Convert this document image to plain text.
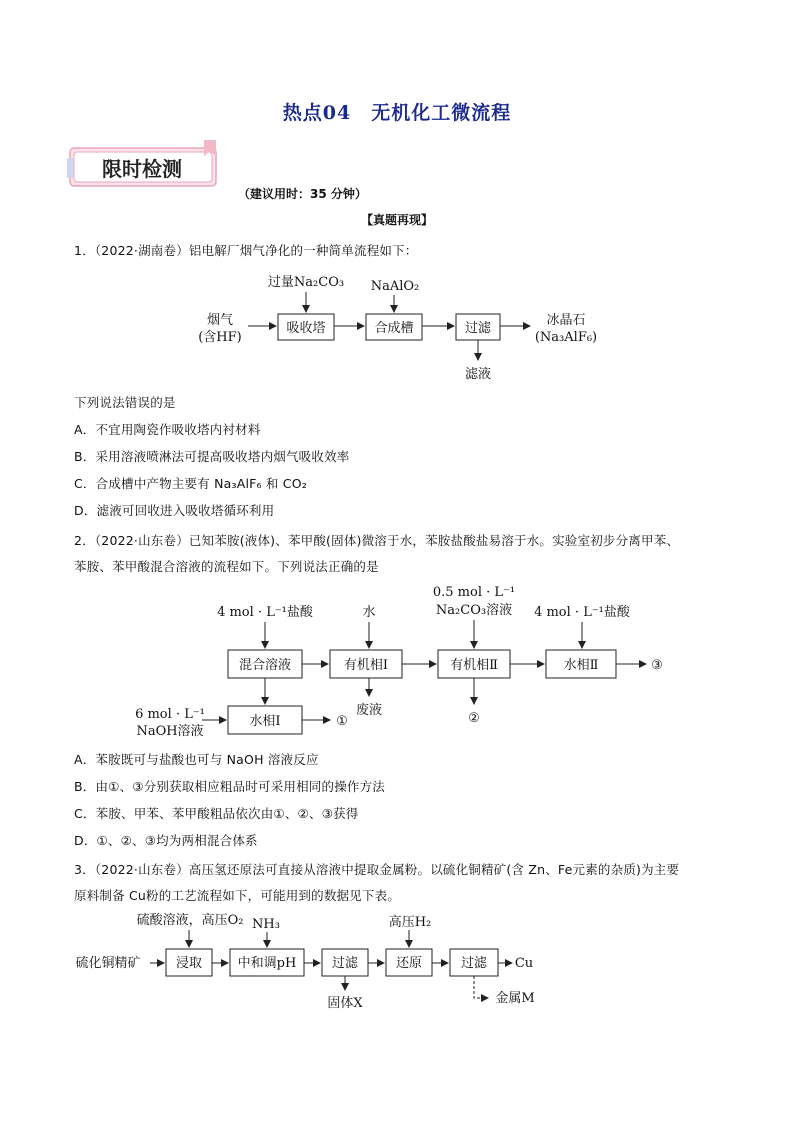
热点04　无机化工微流程
限时检测
（建议用时：35 分钟）
【真题再现】
1．（2022·湖南卷）铝电解厂烟气净化的一种简单流程如下：
过量Na₂CO₃ NaAlO₂
烟气
(含HF)
吸收塔	合成槽	过滤
冰晶石
(Na₃AlF₆)
滤液
下列说法错误的是
A．不宜用陶瓷作吸收塔内衬材料
B．采用溶液喷淋法可提高吸收塔内烟气吸收效率
C．合成槽中产物主要有 Na₃AlF₆ 和 CO₂
D．滤液可回收进入吸收塔循环利用
2．（2022·山东卷）已知苯胺(液体)、苯甲酸(固体)微溶于水，苯胺盐酸盐易溶于水。实验室初步分离甲苯、
苯胺、苯甲酸混合溶液的流程如下。下列说法正确的是
4 mol · L⁻¹盐酸	水
0.5 mol · L⁻¹
Na₂CO₃溶液 4 mol · L⁻¹盐酸
混合溶液	有机相Ⅰ	有机相Ⅱ	水相Ⅱ	③
废液
②
6 mol · L⁻¹
NaOH溶液
水相Ⅰ	①
A．苯胺既可与盐酸也可与 NaOH 溶液反应
B．由①、③分别获取相应粗品时可采用相同的操作方法
C．苯胺、甲苯、苯甲酸粗品依次由①、②、③获得
D．①、②、③均为两相混合体系
3．（2022·山东卷）高压氢还原法可直接从溶液中提取金属粉。以硫化铜精矿(含 Zn、Fe元素的杂质)为主要
原料制备 Cu粉的工艺流程如下，可能用到的数据见下表。
硫酸溶液，高压O₂ NH₃	高压H₂
硫化铜精矿	浸取	中和调pH	过滤
固体X
还原	过滤 Cu
金属M
